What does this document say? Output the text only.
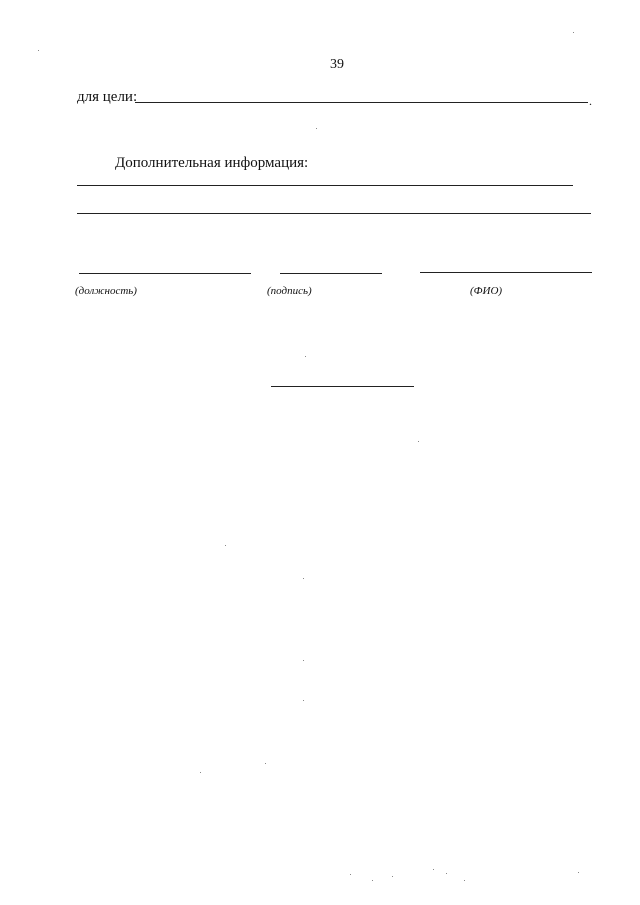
39
для цели:	.
Дополнительная информация:
(должность)	(подпись)	(ФИО)
